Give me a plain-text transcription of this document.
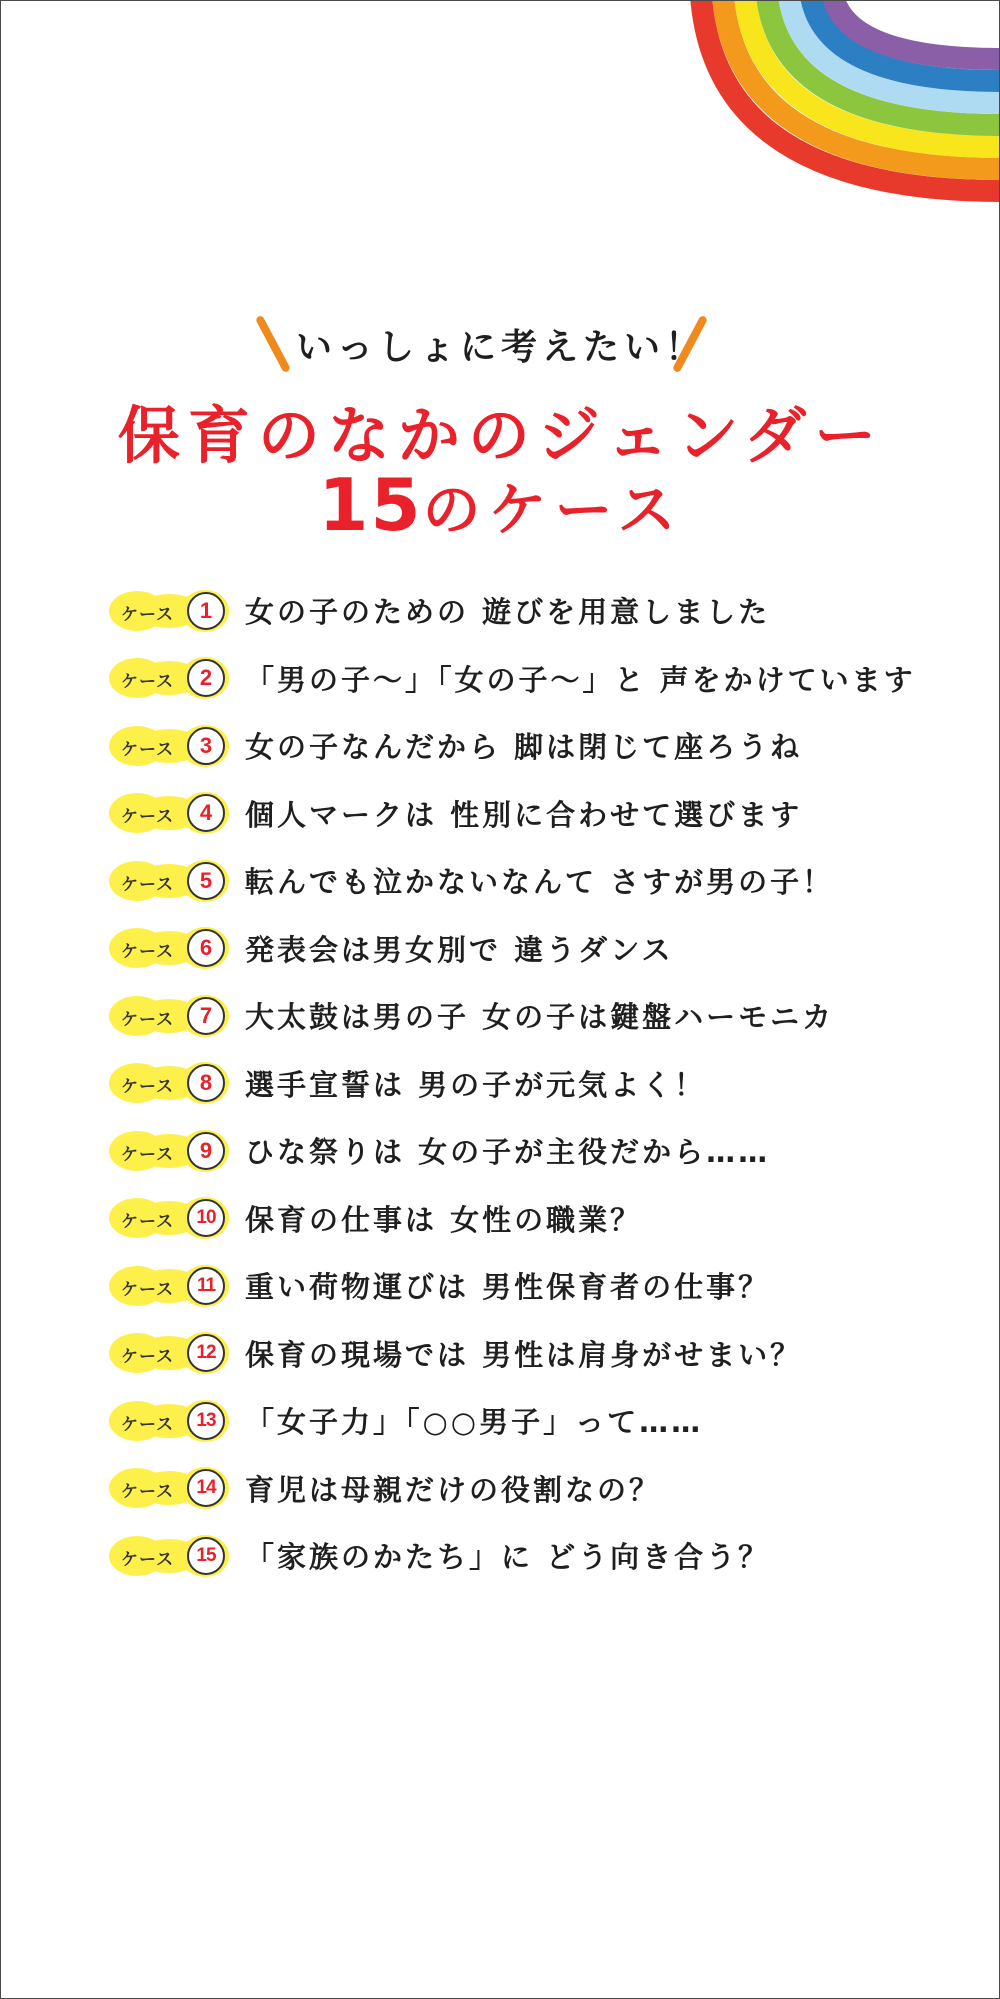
いっしょに考えたい！
保育のなかのジェンダー
15のケース
ケース	1	女の子のための 遊びを用意しました
ケース	2	「男の子～」「女の子～」と 声をかけています
ケース	3	女の子なんだから 脚は閉じて座ろうね
ケース	4	個人マークは 性別に合わせて選びます
ケース	5	転んでも泣かないなんて さすが男の子！
ケース	6	発表会は男女別で 違うダンス
ケース	7	大太鼓は男の子 女の子は鍵盤ハーモニカ
ケース	8	選手宣誓は 男の子が元気よく！
ケース	9	ひな祭りは 女の子が主役だから……
ケース	10	保育の仕事は 女性の職業？
ケース	11	重い荷物運びは 男性保育者の仕事？
ケース	12	保育の現場では 男性は肩身がせまい？
ケース	13	「女子力」「○○男子」って……
ケース	14	育児は母親だけの役割なの？
ケース	15	「家族のかたち」に どう向き合う？
